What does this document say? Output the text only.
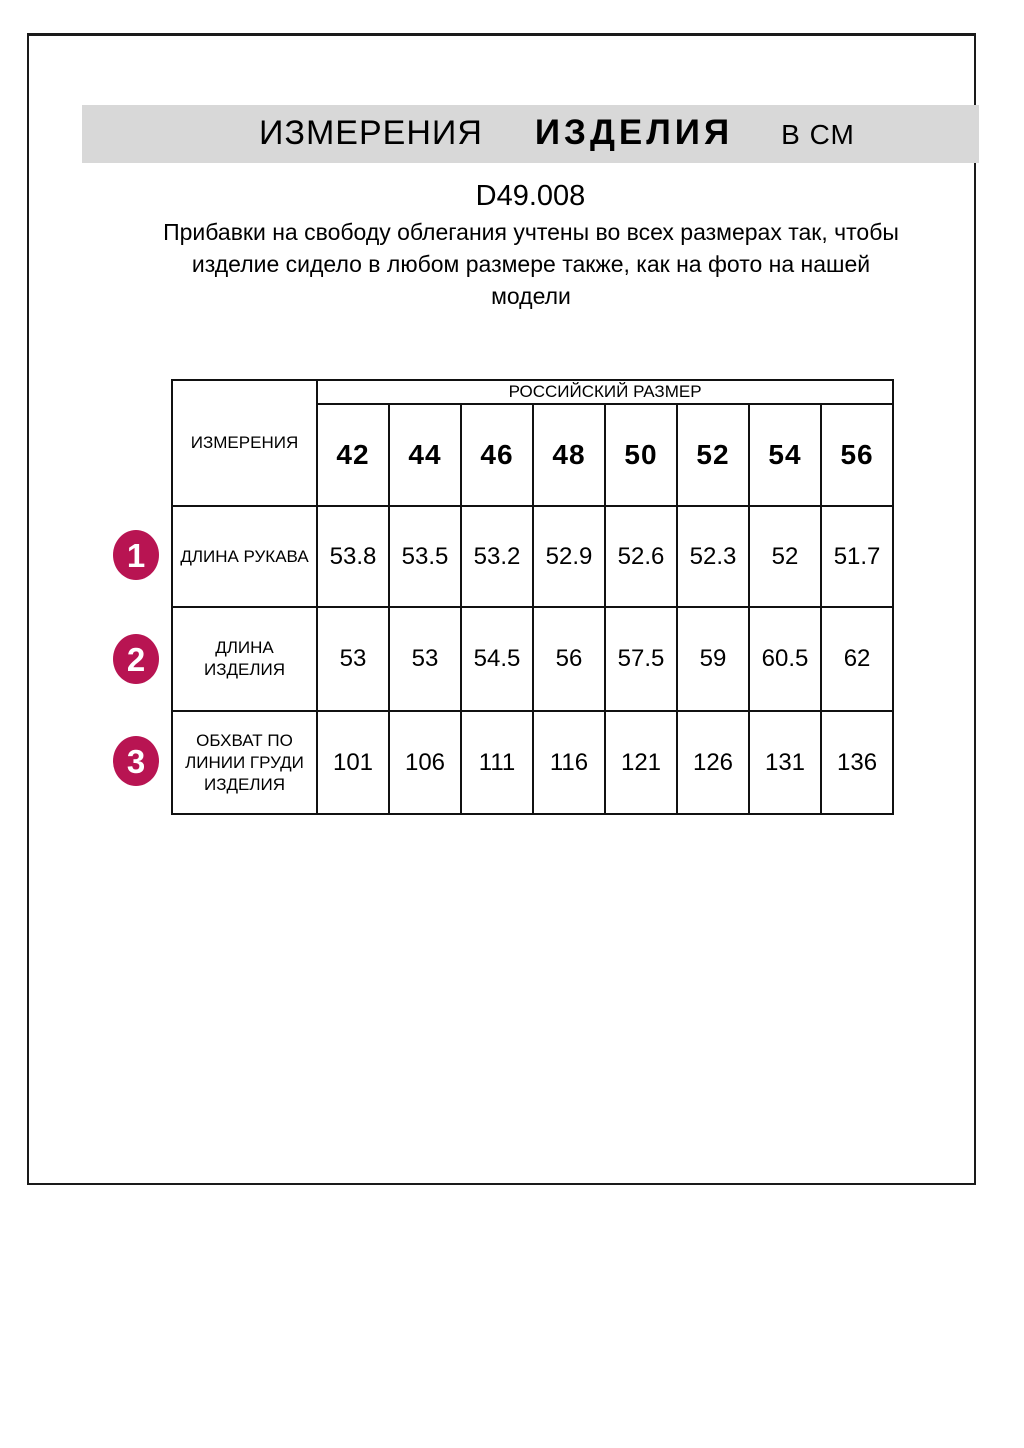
ИЗМЕРЕНИЯ ИЗДЕЛИЯ В СМ
D49.008
Прибавки на свободу облегания учтены во всех размерах так, чтобы
изделие сидело в любом размере также, как на фото на нашей
модели
ИЗМЕРЕНИЯ	РОССИЙСКИЙ РАЗМЕР							
	42	44	46	48	50	52	54	56
ДЛИНА РУКАВА	53.8	53.5	53.2	52.9	52.6	52.3	52	51.7
ДЛИНА ИЗДЕЛИЯ	53	53	54.5	56	57.5	59	60.5	62
ОБХВАТ ПО ЛИНИИ ГРУДИ ИЗДЕЛИЯ	101	106	111	116	121	126	131	136
1
2
3
